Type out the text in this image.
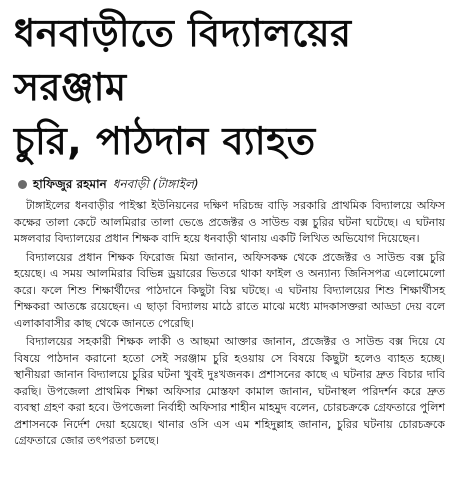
ধনবাড়ীতে বিদ্যালয়ের সরঞ্জাম
চুরি, পাঠদান ব্যাহত
হাফিজুর রহমান ধনবাড়ী (টাঙ্গাইল)

টাঙ্গাইলের ধনবাড়ীর পাইস্কা ইউনিয়নের দক্ষিণ দরিচন্দ্র বাড়ি সরকারি প্রাথমিক বিদ্যালয়ে অফিস কক্ষের তালা কেটে আলমিরার তালা ভেঙে প্রজেক্টর ও সাউন্ড বক্স চুরির ঘটনা ঘটেছে। এ ঘটনায় মঙ্গলবার বিদ্যালয়ের প্রধান শিক্ষক বাদি হয়ে ধনবাড়ী থানায় একটি লিখিত অভিযোগ দিয়েছেন।

বিদ্যালয়ের প্রধান শিক্ষক ফিরোজ মিয়া জানান, অফিসকক্ষ থেকে প্রজেক্টর ও সাউন্ড বক্স চুরি হয়েছে। এ সময় আলমিরার বিভিন্ন ড্রয়ারের ভিতরে থাকা ফাইল ও অন্যান্য জিনিসপত্র এলোমেলো করে। ফলে শিশু শিক্ষার্থীদের পাঠদানে কিছুটা বিঘ্ন ঘটছে। এ ঘটনায় বিদ্যালয়ের শিশু শিক্ষার্থীসহ শিক্ষকরা আতঙ্কে রয়েছেন। এ ছাড়া বিদ্যালয় মাঠে রাতে মাঝে মধ্যে মাদকাসক্তরা আড্ডা দেয় বলে এলাকাবাসীর কাছ থেকে জানতে পেরেছি।

বিদ্যালয়ের সহকারী শিক্ষক লাকী ও আছমা আক্তার জানান, প্রজেক্টর ও সাউন্ড বক্স দিয়ে যে বিষয়ে পাঠদান করানো হতো সেই সরঞ্জাম চুরি হওয়ায় সে বিষয়ে কিছুটা হলেও ব্যাহত হচ্ছে। স্থানীয়রা জানান বিদ্যালয়ে চুরির ঘটনা খুবই দুঃখজনক। প্রশাসনের কাছে এ ঘটনার দ্রুত বিচার দাবি করছি। উপজেলা প্রাথমিক শিক্ষা অফিসার মোস্তফা কামাল জানান, ঘটনাস্থল পরিদর্শন করে দ্রুত ব্যবস্থা গ্রহণ করা হবে। উপজেলা নির্বাহী অফিসার শাহীন মাহমুদ বলেন, চোরচক্রকে গ্রেফতারে পুলিশ প্রশাসনকে নির্দেশ দেয়া হয়েছে। থানার ওসি এস এম শহিদুল্লাহ জানান, চুরির ঘটনায় চোরচক্রকে গ্রেফতারে জোর তৎপরতা চলছে।
